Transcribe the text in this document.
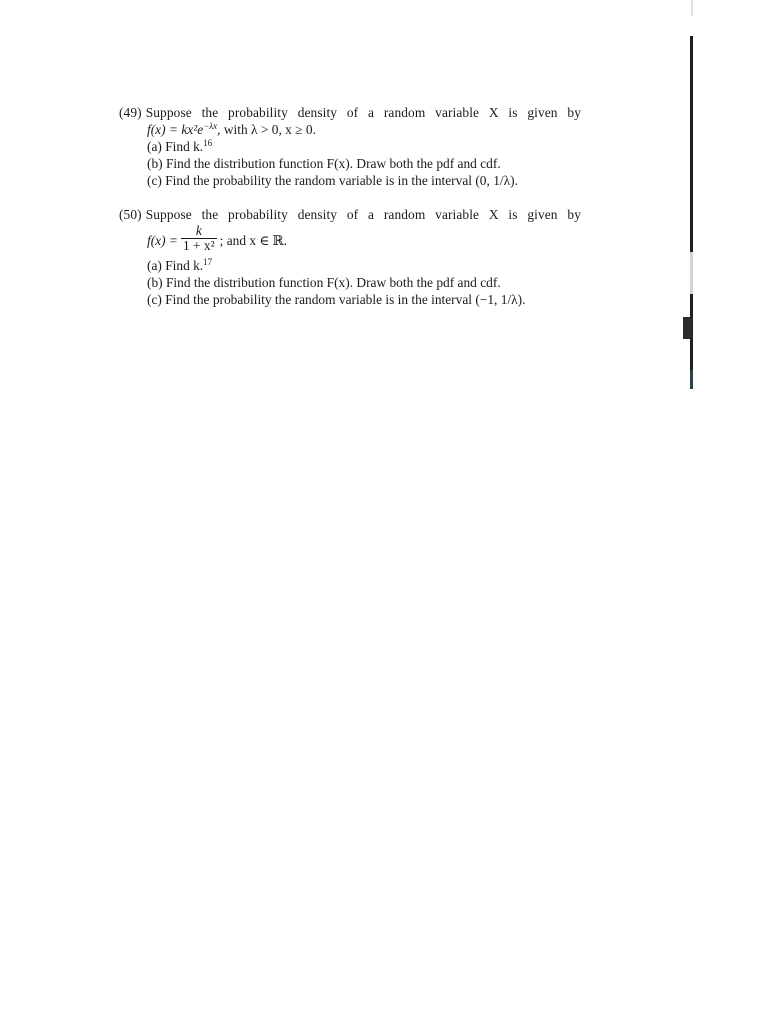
(49) Suppose the probability density of a random variable X is given by
$f(x) = kx^2e^{-\lambda x}$, with λ > 0, x ≥ 0.
(a) Find k.$^{16}$
(b) Find the distribution function F(x). Draw both the pdf and cdf.
(c) Find the probability the random variable is in the interval (0, 1/λ).
(50) Suppose the probability density of a random variable X is given by
$f(x) = \frac{k}{\text{1 + x²}}$ ; and x ∈ ℝ.
(a) Find k.$^{17}$
(b) Find the distribution function F(x). Draw both the pdf and cdf.
(c) Find the probability the random variable is in the interval (−1, 1/λ).
